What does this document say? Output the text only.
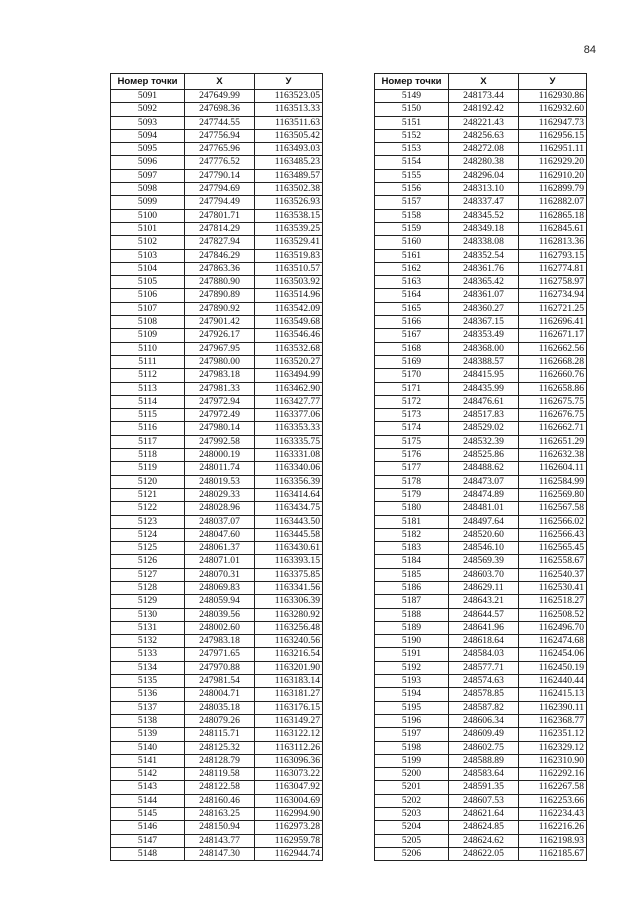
84
Номер точки	X	У
5091	247649.99	1163523.05
5092	247698.36	1163513.33
5093	247744.55	1163511.63
5094	247756.94	1163505.42
5095	247765.96	1163493.03
5096	247776.52	1163485.23
5097	247790.14	1163489.57
5098	247794.69	1163502.38
5099	247794.49	1163526.93
5100	247801.71	1163538.15
5101	247814.29	1163539.25
5102	247827.94	1163529.41
5103	247846.29	1163519.83
5104	247863.36	1163510.57
5105	247880.90	1163503.92
5106	247890.89	1163514.96
5107	247890.92	1163542.09
5108	247901.42	1163549.68
5109	247926.17	1163546.46
5110	247967.95	1163532.68
5111	247980.00	1163520.27
5112	247983.18	1163494.99
5113	247981.33	1163462.90
5114	247972.94	1163427.77
5115	247972.49	1163377.06
5116	247980.14	1163353.33
5117	247992.58	1163335.75
5118	248000.19	1163331.08
5119	248011.74	1163340.06
5120	248019.53	1163356.39
5121	248029.33	1163414.64
5122	248028.96	1163434.75
5123	248037.07	1163443.50
5124	248047.60	1163445.58
5125	248061.37	1163430.61
5126	248071.01	1163393.15
5127	248070.31	1163375.85
5128	248069.83	1163341.56
5129	248059.94	1163306.39
5130	248039.56	1163280.92
5131	248002.60	1163256.48
5132	247983.18	1163240.56
5133	247971.65	1163216.54
5134	247970.88	1163201.90
5135	247981.54	1163183.14
5136	248004.71	1163181.27
5137	248035.18	1163176.15
5138	248079.26	1163149.27
5139	248115.71	1163122.12
5140	248125.32	1163112.26
5141	248128.79	1163096.36
5142	248119.58	1163073.22
5143	248122.58	1163047.92
5144	248160.46	1163004.69
5145	248163.25	1162994.90
5146	248150.94	1162973.28
5147	248143.77	1162959.78
5148	248147.30	1162944.74
Номер точки	X	У
5149	248173.44	1162930.86
5150	248192.42	1162932.60
5151	248221.43	1162947.73
5152	248256.63	1162956.15
5153	248272.08	1162951.11
5154	248280.38	1162929.20
5155	248296.04	1162910.20
5156	248313.10	1162899.79
5157	248337.47	1162882.07
5158	248345.52	1162865.18
5159	248349.18	1162845.61
5160	248338.08	1162813.36
5161	248352.54	1162793.15
5162	248361.76	1162774.81
5163	248365.42	1162758.97
5164	248361.07	1162734.94
5165	248360.27	1162721.25
5166	248367.15	1162696.41
5167	248353.49	1162671.17
5168	248368.00	1162662.56
5169	248388.57	1162668.28
5170	248415.95	1162660.76
5171	248435.99	1162658.86
5172	248476.61	1162675.75
5173	248517.83	1162676.75
5174	248529.02	1162662.71
5175	248532.39	1162651.29
5176	248525.86	1162632.38
5177	248488.62	1162604.11
5178	248473.07	1162584.99
5179	248474.89	1162569.80
5180	248481.01	1162567.58
5181	248497.64	1162566.02
5182	248520.60	1162566.43
5183	248546.10	1162565.45
5184	248569.39	1162558.67
5185	248603.70	1162540.37
5186	248629.11	1162530.41
5187	248643.21	1162518.27
5188	248644.57	1162508.52
5189	248641.96	1162496.70
5190	248618.64	1162474.68
5191	248584.03	1162454.06
5192	248577.71	1162450.19
5193	248574.63	1162440.44
5194	248578.85	1162415.13
5195	248587.82	1162390.11
5196	248606.34	1162368.77
5197	248609.49	1162351.12
5198	248602.75	1162329.12
5199	248588.89	1162310.90
5200	248583.64	1162292.16
5201	248591.35	1162267.58
5202	248607.53	1162253.66
5203	248621.64	1162234.43
5204	248624.85	1162216.26
5205	248624.62	1162198.93
5206	248622.05	1162185.67
